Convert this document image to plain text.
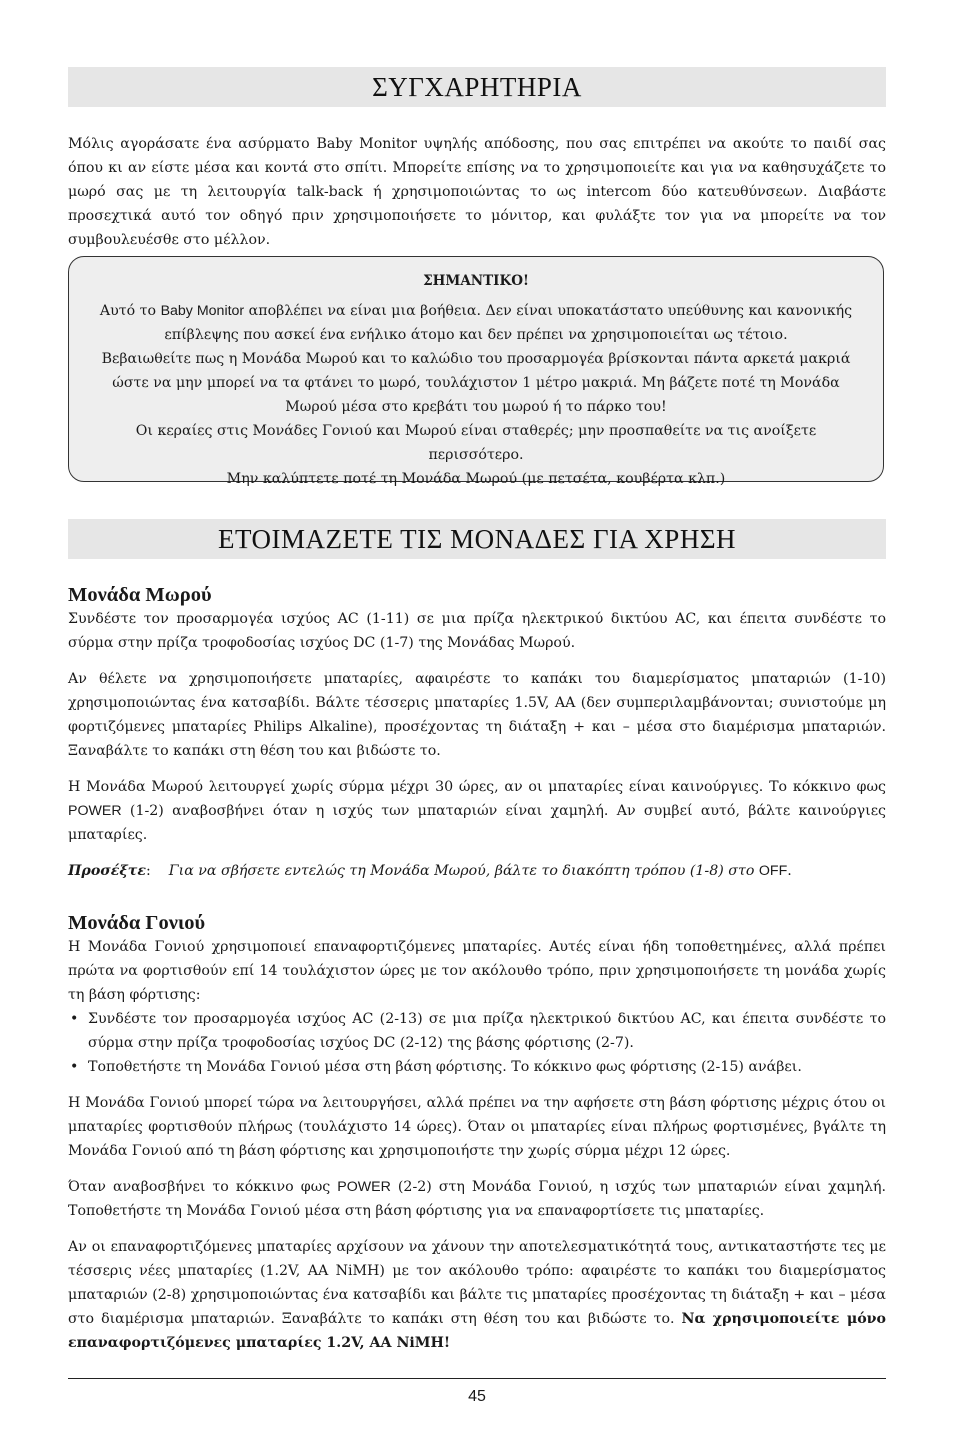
ΣΥΓΧΑΡΗΤΗΡΙΑ
Μόλις αγοράσατε ένα ασύρματο Baby Monitor υψηλής απόδοσης, που σας επιτρέπει να ακούτε το παιδί σας όπου κι αν είστε μέσα και κοντά στο σπίτι. Μπορείτε επίσης να το χρησιμοποιείτε και για να καθησυχάζετε το μωρό σας με τη λειτουργία talk-back ή χρησιμοποιώντας το ως intercom δύο κατευθύνσεων. Διαβάστε προσεχτικά αυτό τον οδηγό πριν χρησιμοποιήσετε το μόνιτορ, και φυλάξτε τον για να μπορείτε να τον συμβουλευέσθε στο μέλλον.
ΣΗΜΑΝΤΙΚΟ!
Αυτό το Baby Monitor αποβλέπει να είναι μια βοήθεια. Δεν είναι υποκατάστατο υπεύθυνης και κανονικής επίβλεψης που ασκεί ένα ενήλικο άτομο και δεν πρέπει να χρησιμοποιείται ως τέτοιο.
Βεβαιωθείτε πως η Μονάδα Μωρού και το καλώδιο του προσαρμογέα βρίσκονται πάντα αρκετά μακριά ώστε να μην μπορεί να τα φτάνει το μωρό, τουλάχιστον 1 μέτρο μακριά. Μη βάζετε ποτέ τη Μονάδα Μωρού μέσα στο κρεβάτι του μωρού ή το πάρκο του!
Οι κεραίες στις Μονάδες Γονιού και Μωρού είναι σταθερές; μην προσπαθείτε να τις ανοίξετε περισσότερο.
Μην καλύπτετε ποτέ τη Μονάδα Μωρού (με πετσέτα, κουβέρτα κλπ.)
ΕΤΟΙΜΑΖΕΤΕ ΤΙΣ ΜΟΝΑΔΕΣ ΓΙΑ ΧΡΗΣΗ
Μονάδα Μωρού

Συνδέστε τον προσαρμογέα ισχύος AC (1-11) σε μια πρίζα ηλεκτρικού δικτύου AC, και έπειτα συνδέστε το σύρμα στην πρίζα τροφοδοσίας ισχύος DC (1-7) της Μονάδας Μωρού.

Αν θέλετε να χρησιμοποιήσετε μπαταρίες, αφαιρέστε το καπάκι του διαμερίσματος μπαταριών (1-10) χρησιμοποιώντας ένα κατσαβίδι. Βάλτε τέσσερις μπαταρίες 1.5V, AA (δεν συμπεριλαμβάνονται; συνιστούμε μη φορτιζόμενες μπαταρίες Philips Alkaline), προσέχοντας τη διάταξη + και – μέσα στο διαμέρισμα μπαταριών. Ξαναβάλτε το καπάκι στη θέση του και βιδώστε το.

Η Μονάδα Μωρού λειτουργεί χωρίς σύρμα μέχρι 30 ώρες, αν οι μπαταρίες είναι καινούργιες. Το κόκκινο φως POWER (1-2) αναβοσβήνει όταν η ισχύς των μπαταριών είναι χαμηλή. Αν συμβεί αυτό, βάλτε καινούργιες μπαταρίες.

Προσέξτε: Για να σβήσετε εντελώς τη Μονάδα Μωρού, βάλτε το διακόπτη τρόπου (1-8) στο OFF.
Μονάδα Γονιού

Η Μονάδα Γονιού χρησιμοποιεί επαναφορτιζόμενες μπαταρίες. Αυτές είναι ήδη τοποθετημένες, αλλά πρέπει πρώτα να φορτισθούν επί 14 τουλάχιστον ώρες με τον ακόλουθο τρόπο, πριν χρησιμοποιήσετε τη μονάδα χωρίς τη βάση φόρτισης:

• Συνδέστε τον προσαρμογέα ισχύος AC (2-13) σε μια πρίζα ηλεκτρικού δικτύου AC, και έπειτα συνδέστε το σύρμα στην πρίζα τροφοδοσίας ισχύος DC (2-12) της βάσης φόρτισης (2-7).
• Τοποθετήστε τη Μονάδα Γονιού μέσα στη βάση φόρτισης. Το κόκκινο φως φόρτισης (2-15) ανάβει.

Η Μονάδα Γονιού μπορεί τώρα να λειτουργήσει, αλλά πρέπει να την αφήσετε στη βάση φόρτισης μέχρις ότου οι μπαταρίες φορτισθούν πλήρως (τουλάχιστο 14 ώρες). Όταν οι μπαταρίες είναι πλήρως φορτισμένες, βγάλτε τη Μονάδα Γονιού από τη βάση φόρτισης και χρησιμοποιήστε την χωρίς σύρμα μέχρι 12 ώρες.

Όταν αναβοσβήνει το κόκκινο φως POWER (2-2) στη Μονάδα Γονιού, η ισχύς των μπαταριών είναι χαμηλή. Τοποθετήστε τη Μονάδα Γονιού μέσα στη βάση φόρτισης για να επαναφορτίσετε τις μπαταρίες.

Αν οι επαναφορτιζόμενες μπαταρίες αρχίσουν να χάνουν την αποτελεσματικότητά τους, αντικαταστήστε τες με τέσσερις νέες μπαταρίες (1.2V, AA NiMH) με τον ακόλουθο τρόπο: αφαιρέστε το καπάκι του διαμερίσματος μπαταριών (2-8) χρησιμοποιώντας ένα κατσαβίδι και βάλτε τις μπαταρίες προσέχοντας τη διάταξη + και – μέσα στο διαμέρισμα μπαταριών. Ξαναβάλτε το καπάκι στη θέση του και βιδώστε το. Να χρησιμοποιείτε μόνο επαναφορτιζόμενες μπαταρίες 1.2V, AA NiMH!

45
